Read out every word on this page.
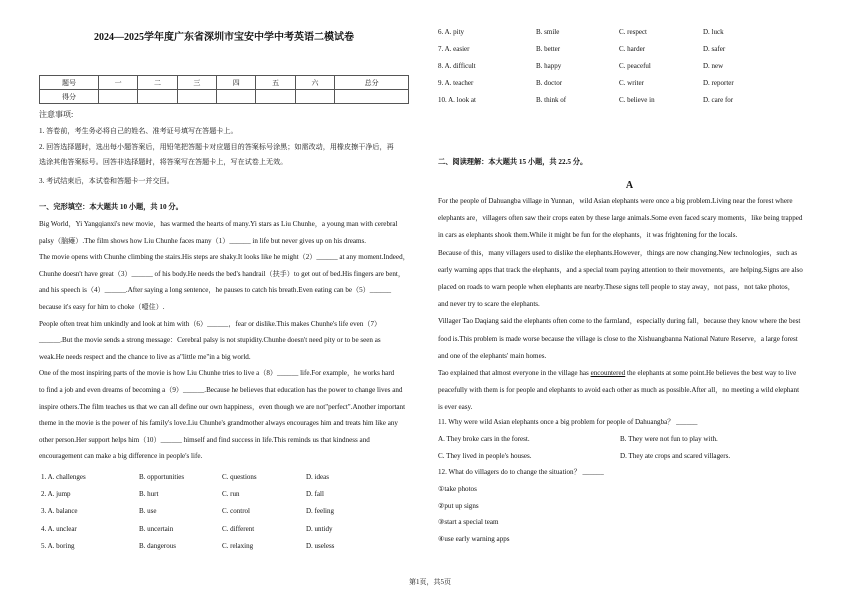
2024—2025学年度广东省深圳市宝安中学中考英语二模试卷
题号	一	二	三	四	五	六	总分
得分							
注意事项:
1. 答卷前，考生务必将自己的姓名、准考证号填写在答题卡上。
2. 回答选择题时，选出每小题答案后，用铅笔把答题卡对应题目的答案标号涂黑；如需改动，用橡皮擦干净后，再
选涂其他答案标号。回答非选择题时，将答案写在答题卡上，写在试卷上无效。
3. 考试结束后，本试卷和答题卡一并交回。
一、完形填空：本大题共 10 小题，共 10 分。
Big World，Yi Yangqianxi's new movie，has warmed the hearts of many.Yi stars as Liu Chunhe，a young man with cerebral
palsy（脑瘫）.The film shows how Liu Chunhe faces many（1）______ in life but never gives up on his dreams.
The movie opens with Chunhe climbing the stairs.His steps are shaky.It looks like he might（2）______ at any moment.Indeed，
Chunhe doesn't have great（3）______ of his body.He needs the bed's handrail（扶手）to get out of bed.His fingers are bent，
and his speech is（4）______.After saying a long sentence，he pauses to catch his breath.Even eating can be（5）______
because it's easy for him to choke（噎住）.
People often treat him unkindly and look at him with（6）______，fear or dislike.This makes Chunhe's life even（7）
______.But the movie sends a strong message：Cerebral palsy is not stupidity.Chunhe doesn't need pity or to be seen as
weak.He needs respect and the chance to live as a"little me"in a big world.
One of the most inspiring parts of the movie is how Liu Chunhe tries to live a（8）______ life.For example，he works hard
to find a job and even dreams of becoming a（9）______.Because he believes that education has the power to change lives and
inspire others.The film teaches us that we can all define our own happiness，even though we are not"perfect".Another important
theme in the movie is the power of his family's love.Liu Chunhe's grandmother always encourages him and treats him like any
other person.Her support helps him（10）______ himself and find success in life.This reminds us that kindness and
encouragement can make a big difference in people's life.
1. A. challenges	B. opportunities	C. questions	D. ideas
2. A. jump	B. hurt	C. run	D. fall
3. A. balance	B. use	C. control	D. feeling
4. A. unclear	B. uncertain	C. different	D. untidy
5. A. boring	B. dangerous	C. relaxing	D. useless
6. A. pity	B. smile	C. respect	D. luck
7. A. easier	B. better	C. harder	D. safer
8. A. difficult	B. happy	C. peaceful	D. new
9. A. teacher	B. doctor	C. writer	D. reporter
10. A. look at	B. think of	C. believe in	D. care for
二、阅读理解：本大题共 15 小题，共 22.5 分。
A
For the people of Dahuangba village in Yunnan，wild Asian elephants were once a big problem.Living near the forest where
elephants are，villagers often saw their crops eaten by these large animals.Some even faced scary moments，like being trapped
in cars as elephants shook them.While it might be fun for the elephants，it was frightening for the locals.
Because of this，many villagers used to dislike the elephants.However，things are now changing.New technologies，such as
early warning apps that track the elephants，and a special team paying attention to their movements，are helping.Signs are also
placed on roads to warn people when elephants are nearby.These signs tell people to stay away，not pass，not take photos，
and never try to scare the elephants.
Villager Tao Daqiang said the elephants often come to the farmland，especially during fall，because they know where the best
food is.This problem is made worse because the village is close to the Xishuangbanna National Nature Reserve，a large forest
and one of the elephants' main homes.
Tao explained that almost everyone in the village has encountered the elephants at some point.He believes the best way to live
peacefully with them is for people and elephants to avoid each other as much as possible.After all，no meeting a wild elephant
is ever easy.
11. Why were wild Asian elephants once a big problem for people of Dahuangba？ ______
A. They broke cars in the forest.	B. They were not fun to play with.
C. They lived in people's houses.	D. They ate crops and scared villagers.
12. What do villagers do to change the situation？ ______
①take photos
②put up signs
③start a special team
④use early warning apps
第1页，共5页
